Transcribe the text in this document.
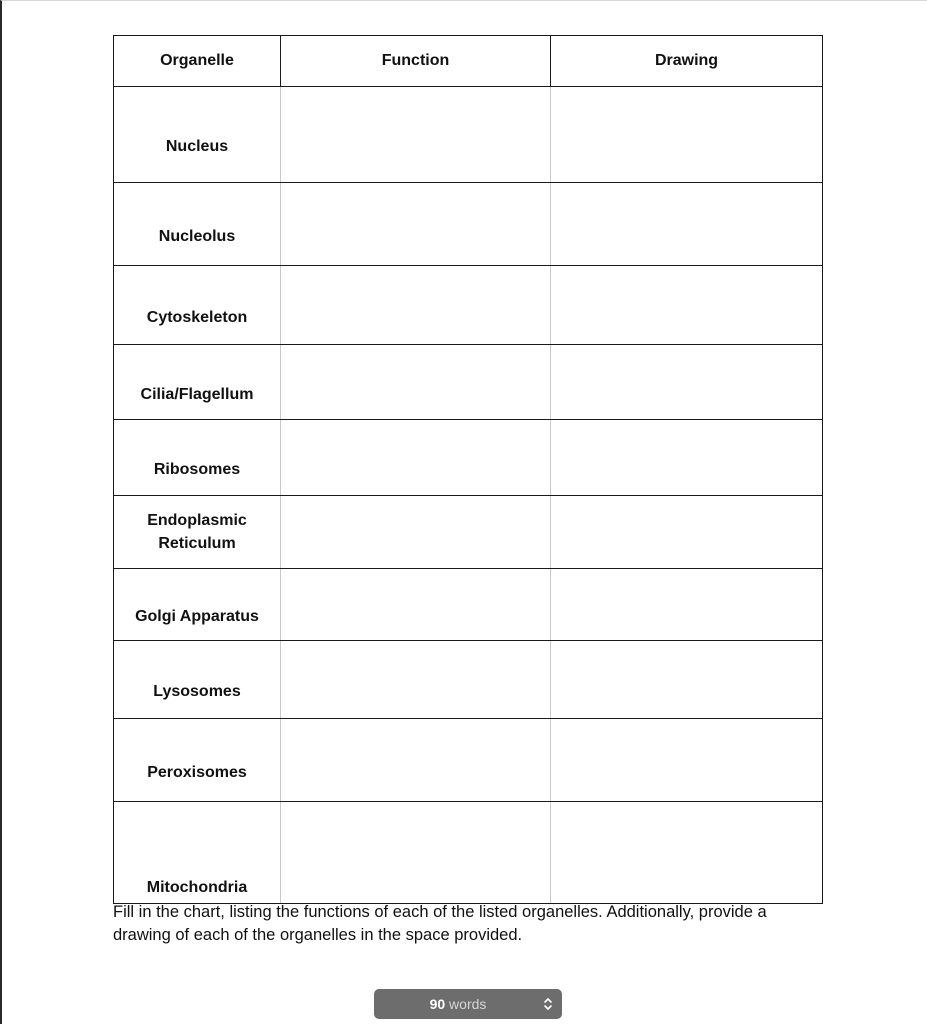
Organelle	Function	Drawing
Nucleus		
Nucleolus		
Cytoskeleton		
Cilia/Flagellum		
Ribosomes		
Endoplasmic Reticulum		
Golgi Apparatus		
Lysosomes		
Peroxisomes		
Mitochondria		
Fill in the chart, listing the functions of each of the listed organelles. Additionally, provide a drawing of each of the organelles in the space provided.
90 words
